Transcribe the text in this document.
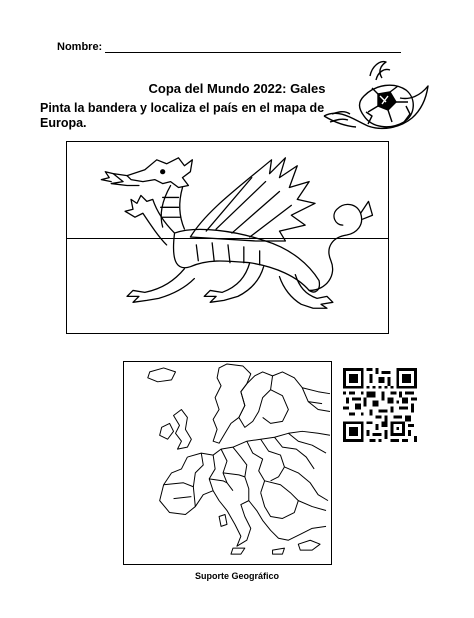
Nombre:
Copa del Mundo 2022: Gales
Pinta la bandera y localiza el país en el mapa de Europa.
Suporte Geográfico
